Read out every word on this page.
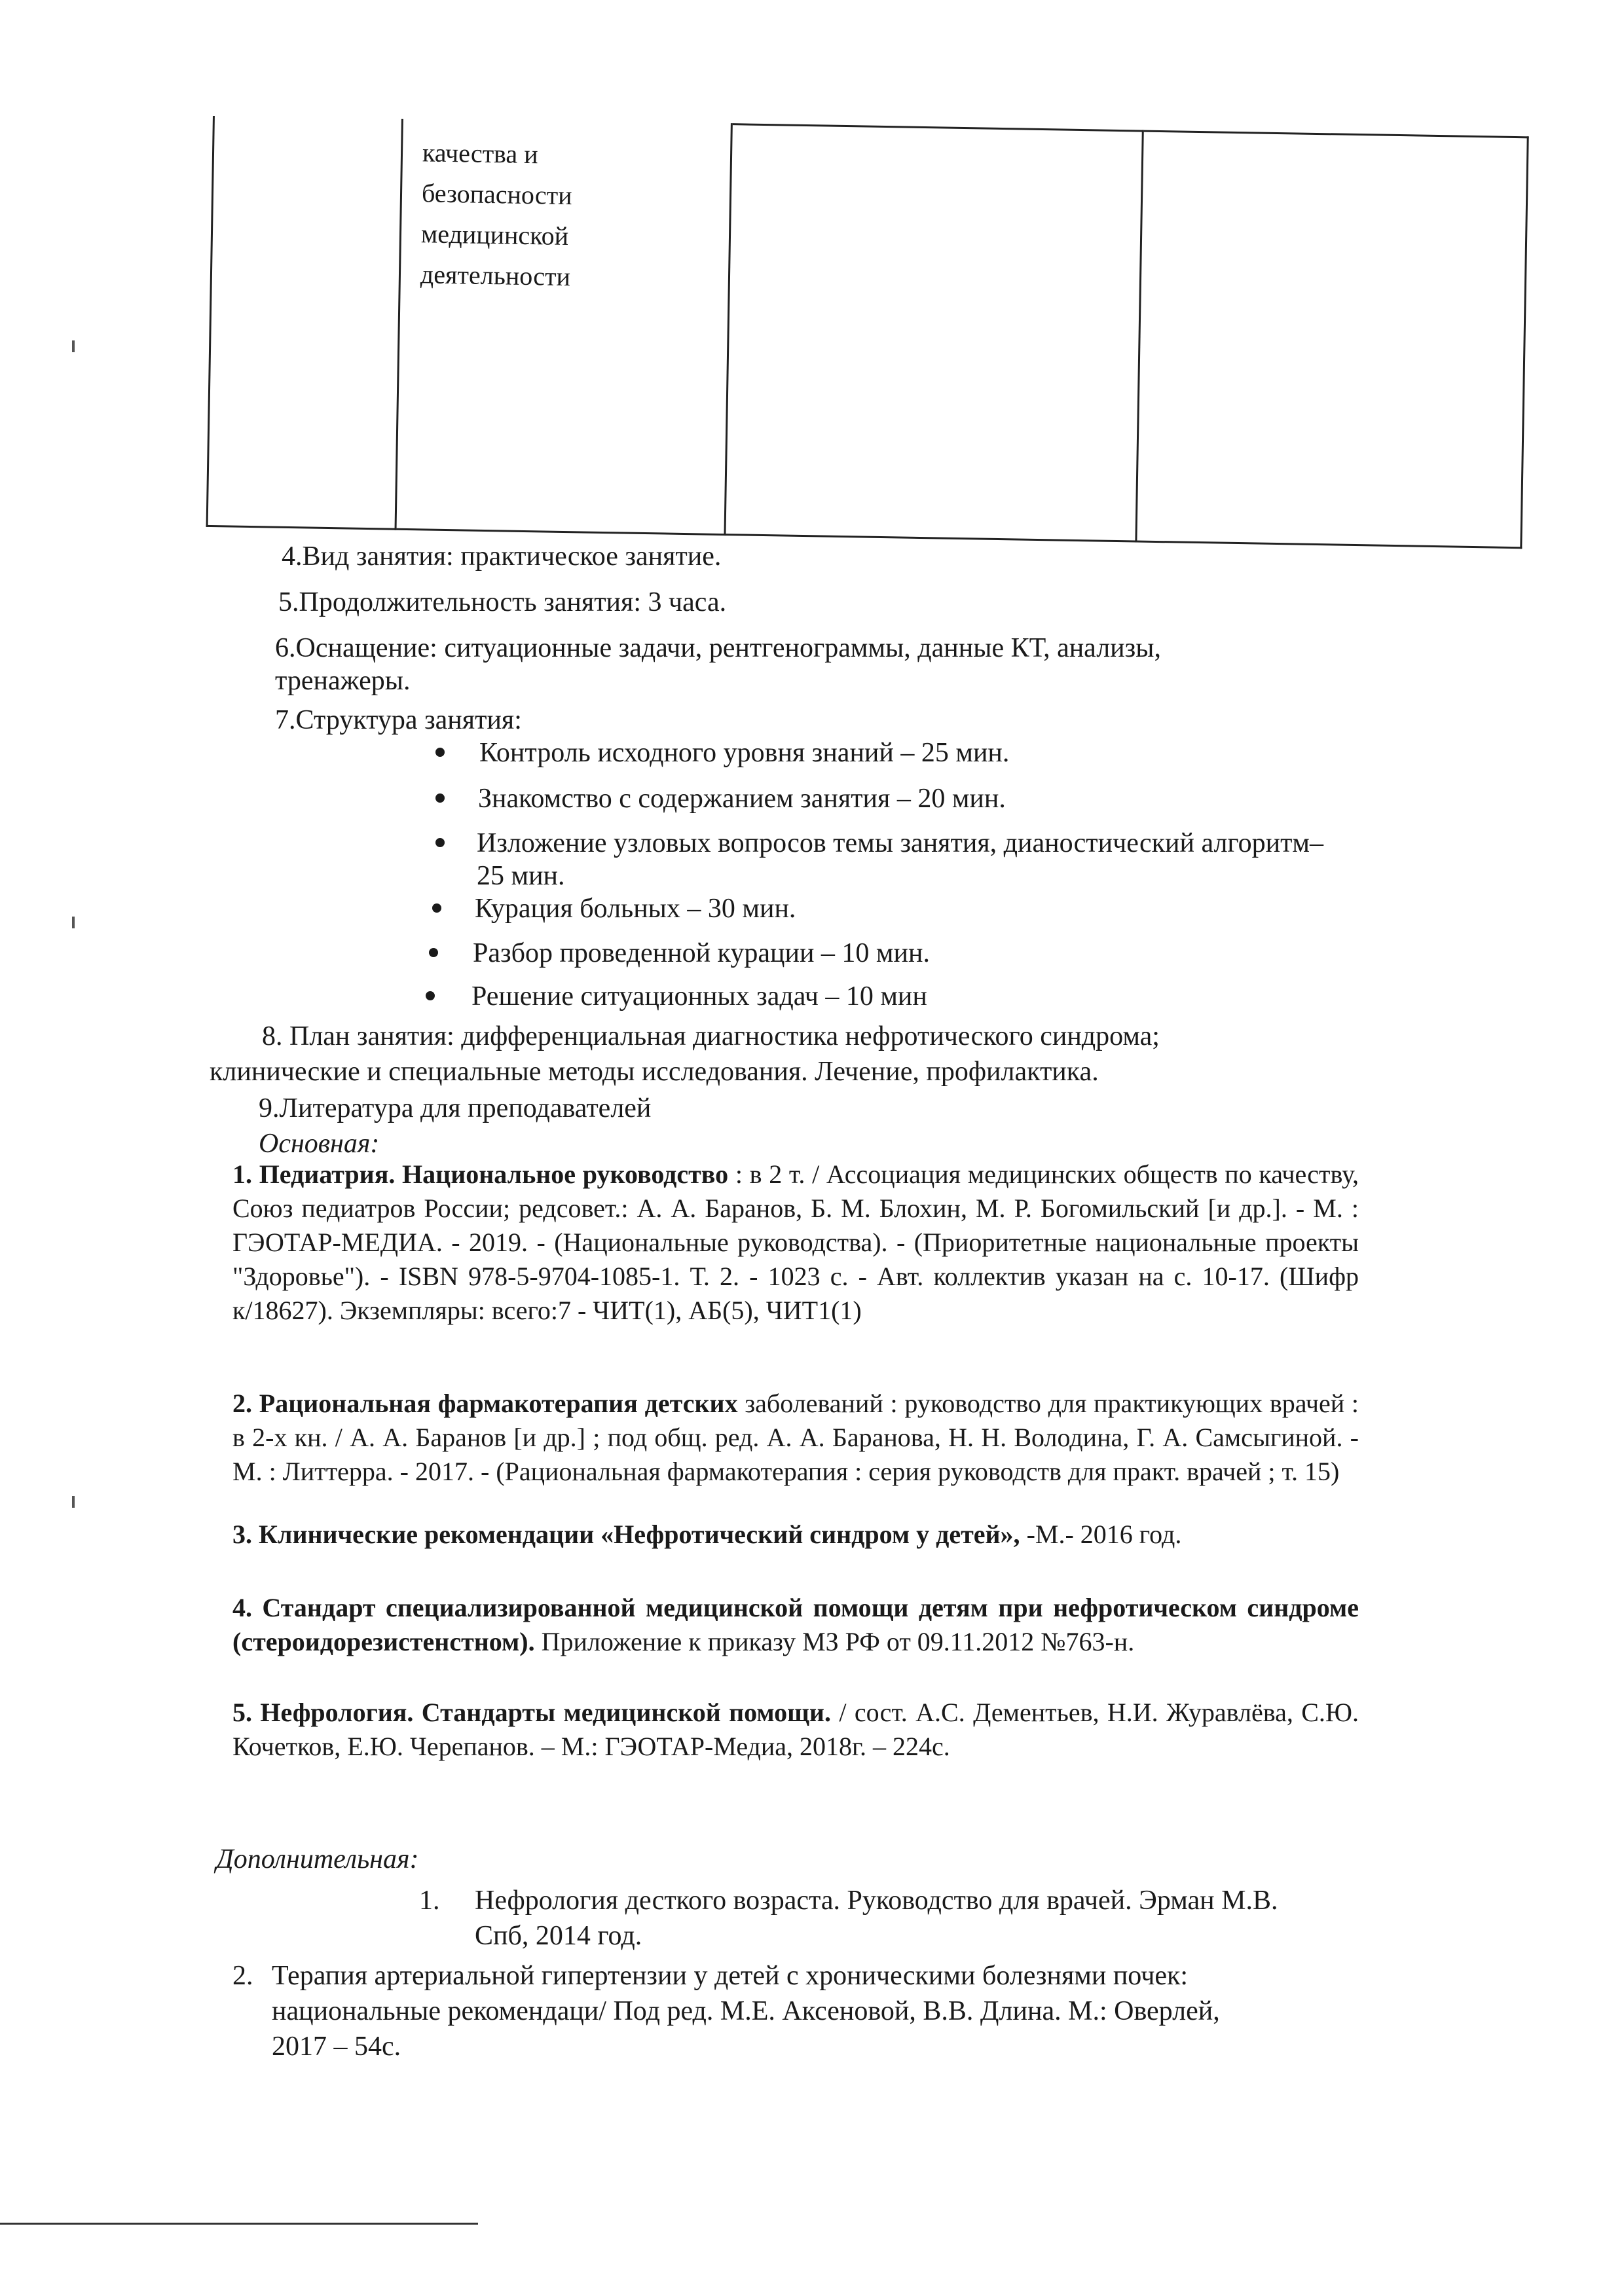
качества и
безопасности
медицинской
деятельности

4.Вид занятия: практическое занятие.
5.Продолжительность занятия: 3 часа.
6.Оснащение: ситуационные задачи, рентгенограммы, данные КТ, анализы,
тренажеры.
7.Структура занятия:
Контроль исходного уровня знаний – 25 мин.
Знакомство с содержанием занятия – 20 мин.
Изложение узловых вопросов темы занятия, дианостический алгоритм–
25 мин.
Курация больных – 30 мин.
Разбор проведенной курации – 10 мин.
Решение ситуационных задач – 10 мин
8. План занятия: дифференциальная диагностика нефротического синдрома;
клинические и специальные методы исследования. Лечение, профилактика.
9.Литература для преподавателей
Основная:
1. Педиатрия. Национальное руководство : в 2 т. / Ассоциация медицинских обществ по качеству, Союз педиатров России; редсовет.: А. А. Баранов, Б. М. Блохин, М. Р. Богомильский [и др.]. - М. : ГЭОТАР-МЕДИА. - 2019. - (Национальные руководства). - (Приоритетные национальные проекты "Здоровье"). - ISBN 978-5-9704-1085-1. Т. 2. - 1023 с. - Авт. коллектив указан на с. 10-17. (Шифр к/18627). Экземпляры: всего:7 - ЧИТ(1), АБ(5), ЧИТ1(1)
2. Рациональная фармакотерапия детских заболеваний : руководство для практикующих врачей : в 2-х кн. / А. А. Баранов [и др.] ; под общ. ред. А. А. Баранова, Н. Н. Володина, Г. А. Самсыгиной. - М. : Литтерра. - 2017. - (Рациональная фармакотерапия : серия руководств для практ. врачей ; т. 15)
3. Клинические рекомендации «Нефротический синдром у детей», -М.- 2016 год.
4. Стандарт специализированной медицинской помощи детям при нефротическом синдроме (стероидорезистенстном). Приложение к приказу МЗ РФ от 09.11.2012 №763-н.
5. Нефрология. Стандарты медицинской помощи. / сост. А.С. Дементьев, Н.И. Журавлёва, С.Ю. Кочетков, Е.Ю. Черепанов. – М.: ГЭОТАР-Медиа, 2018г. – 224с.
Дополнительная:
1. Нефрология десткого возраста. Руководство для врачей. Эрман М.В.
Спб, 2014 год.
2. Терапия артериальной гипертензии у детей с хроническими болезнями почек:
национальные рекомендаци/ Под ред. М.Е. Аксеновой, В.В. Длина. М.: Оверлей,
2017 – 54с.
